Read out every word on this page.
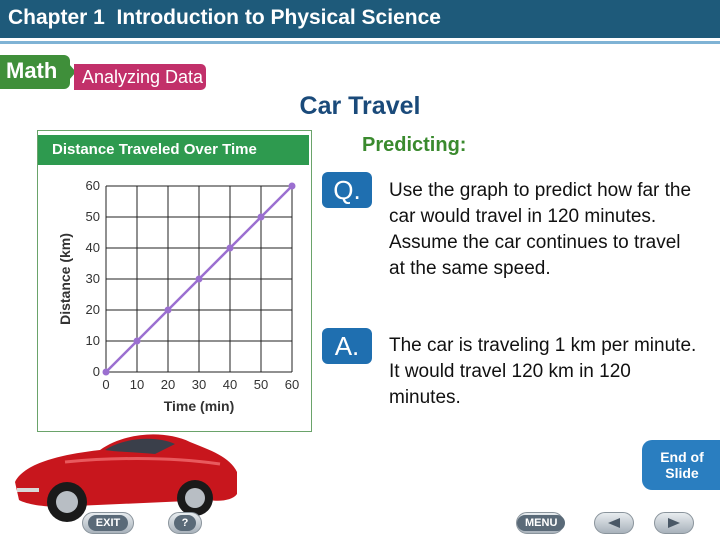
Chapter 1  Introduction to Physical Science
Math Analyzing Data
Car Travel
Distance Traveled Over Time
0 10 20 30 40 50 60
0
10
20
30
40
50
60
Time (min)
Distance (km)
Predicting:
Q.	Use the graph to predict how far the car would travel in 120 minutes. Assume the car continues to travel at the same speed.
A.	The car is traveling 1 km per minute. It would travel 120 km in 120 minutes.
End of
Slide
EXIT	?	MENU
